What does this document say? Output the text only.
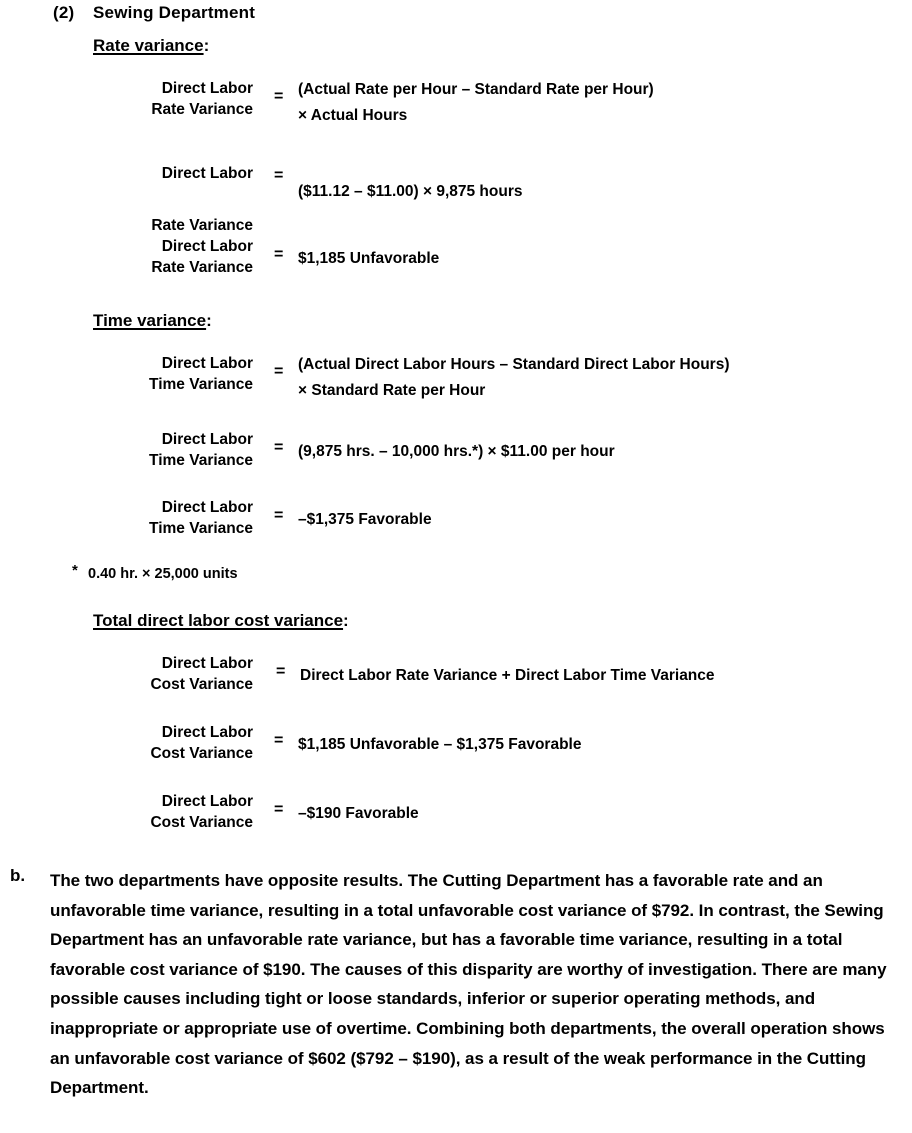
(2) Sewing Department
Rate variance:
Direct Labor
Rate Variance
= (Actual Rate per Hour – Standard Rate per Hour)
× Actual Hours
Direct Labor
Rate Variance
=
($11.12 – $11.00) × 9,875 hours
Direct Labor
Rate Variance
= $1,185 Unfavorable
Time variance:
Direct Labor
Time Variance
= (Actual Direct Labor Hours – Standard Direct Labor Hours)
× Standard Rate per Hour
Direct Labor
Time Variance
= (9,875 hrs. – 10,000 hrs.*) × $11.00 per hour
Direct Labor
Time Variance
= –$1,375 Favorable
* 0.40 hr. × 25,000 units
Total direct labor cost variance:
Direct Labor
Cost Variance
= Direct Labor Rate Variance + Direct Labor Time Variance
Direct Labor
Cost Variance
= $1,185 Unfavorable – $1,375 Favorable
Direct Labor
Cost Variance
= –$190 Favorable
b. The two departments have opposite results. The Cutting Department has a favorable rate and an unfavorable time variance, resulting in a total unfavorable cost variance of $792. In contrast, the Sewing Department has an unfavorable rate variance, but has a favorable time variance, resulting in a total favorable cost variance of $190. The causes of this disparity are worthy of investigation. There are many possible causes including tight or loose standards, inferior or superior operating methods, and inappropriate or appropriate use of overtime. Combining both departments, the overall operation shows an unfavorable cost variance of $602 ($792 – $190), as a result of the weak performance in the Cutting Department.
